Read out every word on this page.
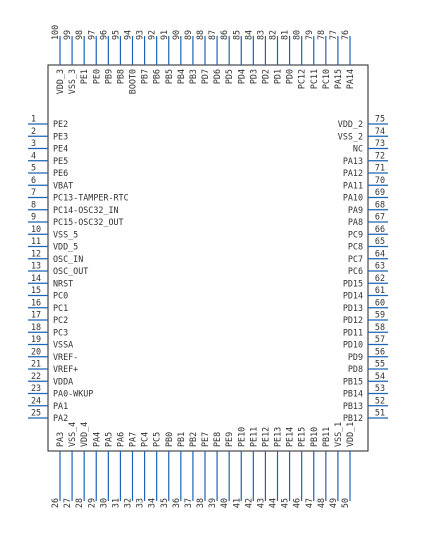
1
PE2
2
PE3
3
PE4
4
PE5
5
PE6
6
VBAT
7
PC13-TAMPER-RTC
8
PC14-OSC32_IN
9
PC15-OSC32_OUT
10
VSS_5
11
VDD_5
12
OSC_IN
13
OSC_OUT
14
NRST
15
PC0
16
PC1
17
PC2
18
PC3
19
VSSA
20
VREF-
21
VREF+
22
VDDA
23
PA0-WKUP
24
PA1
25
PA2
26
PA3
27
VSS_4
28
VDD_4
29
PA4
30
PA5
31
PA6
32
PA7
33
PC4
34
PC5
35
PB0
36
PB1
37
PB2
38
PE7
39
PE8
40
PE9
41
PE10
42
PE11
43
PE12
44
PE13
45
PE14
46
PE15
47
PB10
48
PB11
49
VSS_1
50
VDD_1
51
PB12
52
PB13
53
PB14
54
PB15
55
PD8
56
PD9
57
PD10
58
PD11
59
PD12
60
PD13
61
PD14
62
PD15
63
PC6
64
PC7
65
PC8
66
PC9
67
PA8
68
PA9
69
PA10
70
PA11
71
PA12
72
PA13
73
NC
74
VSS_2
75
VDD_2
76
PA14
77
PA15
78
PC10
79
PC11
80
PC12
81
PD0
82
PD1
83
PD2
84
PD3
85
PD4
86
PD5
87
PD6
88
PD7
89
PB3
90
PB4
91
PB5
92
PB6
93
PB7
94
BOOT0
95
PB8
96
PB9
97
PE0
98
PE1
99
VSS_3
100
VDD_3
